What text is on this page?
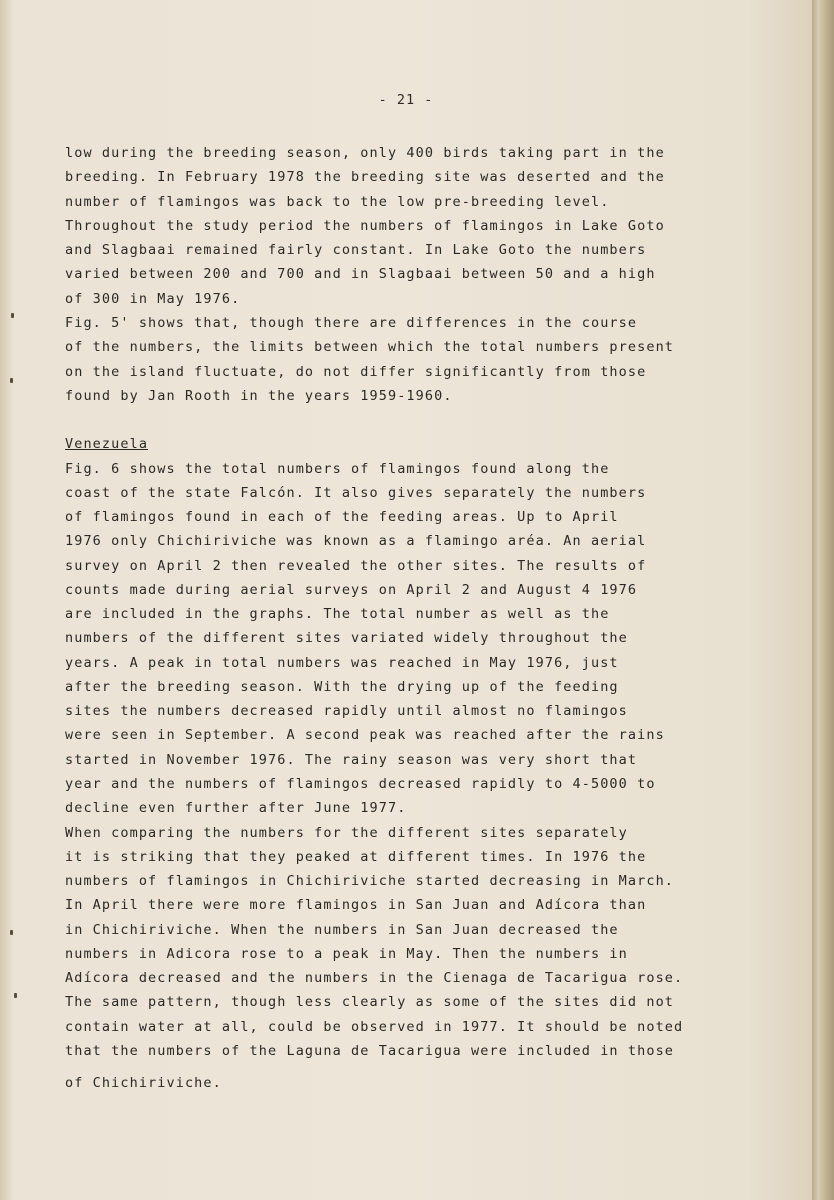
- 21 -
low during the breeding season, only 400 birds taking part in the
breeding. In February 1978 the breeding site was deserted and the
number of flamingos was back to the low pre-breeding level.
Throughout the study period the numbers of flamingos in Lake Goto
and Slagbaai remained fairly constant. In Lake Goto the numbers
varied between 200 and 700 and in Slagbaai between 50 and a high
of 300 in May 1976.
Fig. 5' shows that, though there are differences in the course
of the numbers, the limits between which the total numbers present
on the island fluctuate, do not differ significantly from those
found by Jan Rooth in the years 1959-1960.
Venezuela
Fig. 6 shows the total numbers of flamingos found along the
coast of the state Falcón. It also gives separately the numbers
of flamingos found in each of the feeding areas. Up to April
1976 only Chichiriviche was known as a flamingo aréa. An aerial
survey on April 2 then revealed the other sites. The results of
counts made during aerial surveys on April 2 and August 4 1976
are included in the graphs. The total number as well as the
numbers of the different sites variated widely throughout the
years. A peak in total numbers was reached in May 1976, just
after the breeding season. With the drying up of the feeding
sites the numbers decreased rapidly until almost no flamingos
were seen in September. A second peak was reached after the rains
started in November 1976. The rainy season was very short that
year and the numbers of flamingos decreased rapidly to 4-5000 to
decline even further after June 1977.
When comparing the numbers for the different sites separately
it is striking that they peaked at different times. In 1976 the
numbers of flamingos in Chichiriviche started decreasing in March.
In April there were more flamingos in San Juan and Adícora than
in Chichiriviche. When the numbers in San Juan decreased the
numbers in Adicora rose to a peak in May. Then the numbers in
Adícora decreased and the numbers in the Cienaga de Tacarigua rose.
The same pattern, though less clearly as some of the sites did not
contain water at all, could be observed in 1977. It should be noted
that the numbers of the Laguna de Tacarigua were included in those
of Chichiriviche.
